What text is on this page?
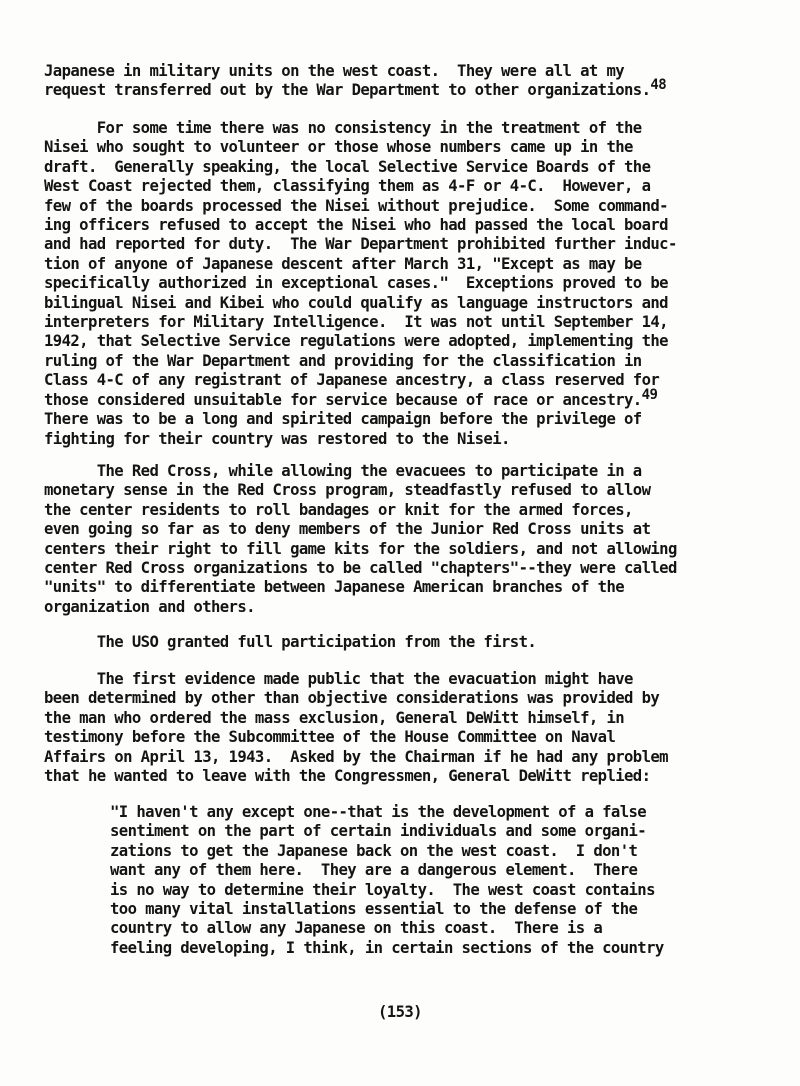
Japanese in military units on the west coast.  They were all at my
request transferred out by the War Department to other organizations.48
For some time there was no consistency in the treatment of the
Nisei who sought to volunteer or those whose numbers came up in the
draft.  Generally speaking, the local Selective Service Boards of the
West Coast rejected them, classifying them as 4-F or 4-C.  However, a
few of the boards processed the Nisei without prejudice.  Some command-
ing officers refused to accept the Nisei who had passed the local board
and had reported for duty.  The War Department prohibited further induc-
tion of anyone of Japanese descent after March 31, "Except as may be
specifically authorized in exceptional cases."  Exceptions proved to be
bilingual Nisei and Kibei who could qualify as language instructors and
interpreters for Military Intelligence.  It was not until September 14,
1942, that Selective Service regulations were adopted, implementing the
ruling of the War Department and providing for the classification in
Class 4-C of any registrant of Japanese ancestry, a class reserved for
those considered unsuitable for service because of race or ancestry.49
There was to be a long and spirited campaign before the privilege of
fighting for their country was restored to the Nisei.
The Red Cross, while allowing the evacuees to participate in a
monetary sense in the Red Cross program, steadfastly refused to allow
the center residents to roll bandages or knit for the armed forces,
even going so far as to deny members of the Junior Red Cross units at
centers their right to fill game kits for the soldiers, and not allowing
center Red Cross organizations to be called "chapters"--they were called
"units" to differentiate between Japanese American branches of the
organization and others.
The USO granted full participation from the first.
The first evidence made public that the evacuation might have
been determined by other than objective considerations was provided by
the man who ordered the mass exclusion, General DeWitt himself, in
testimony before the Subcommittee of the House Committee on Naval
Affairs on April 13, 1943.  Asked by the Chairman if he had any problem
that he wanted to leave with the Congressmen, General DeWitt replied:
"I haven't any except one--that is the development of a false
sentiment on the part of certain individuals and some organi-
zations to get the Japanese back on the west coast.  I don't
want any of them here.  They are a dangerous element.  There
is no way to determine their loyalty.  The west coast contains
too many vital installations essential to the defense of the
country to allow any Japanese on this coast.  There is a
feeling developing, I think, in certain sections of the country
(153)
